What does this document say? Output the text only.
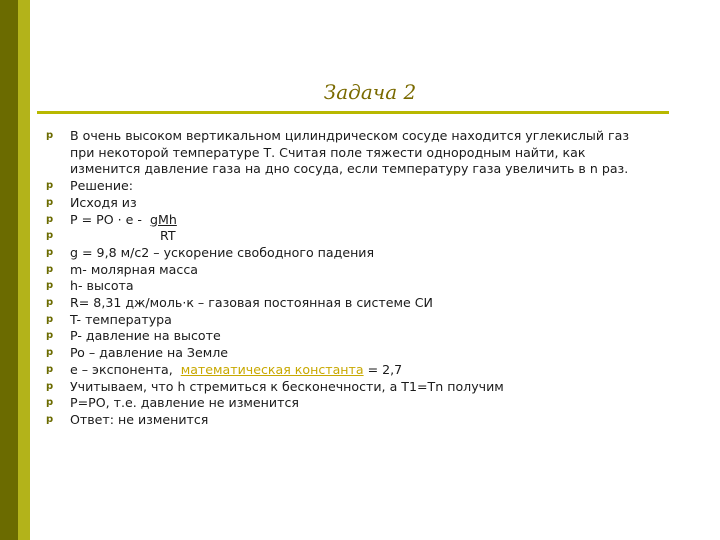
Задача 2
p	В очень высоком вертикальном цилиндрическом сосуде находится углекислый газ
при некоторой температуре Т. Считая поле тяжести однородным найти, как
изменится давление газа на дно сосуда, если температуру газа увеличить в n раз.
p	Решение:
p	Исходя из
p	P = PO · e -  gMh
p	RT
p	g = 9,8 м/с2 – ускорение свободного падения
p	m- молярная масса
p	h- высота
p	R= 8,31 дж/моль·к – газовая постоянная в системе СИ
p	T- температура
p	P- давление на высоте
p	Po – давление на Земле
p	e – экспонента,  математическая константа = 2,7
p	Учитываем, что h стремиться к бесконечности, а T1=Tn получим
p	P=PO, т.е. давление не изменится
p	Ответ: не изменится
